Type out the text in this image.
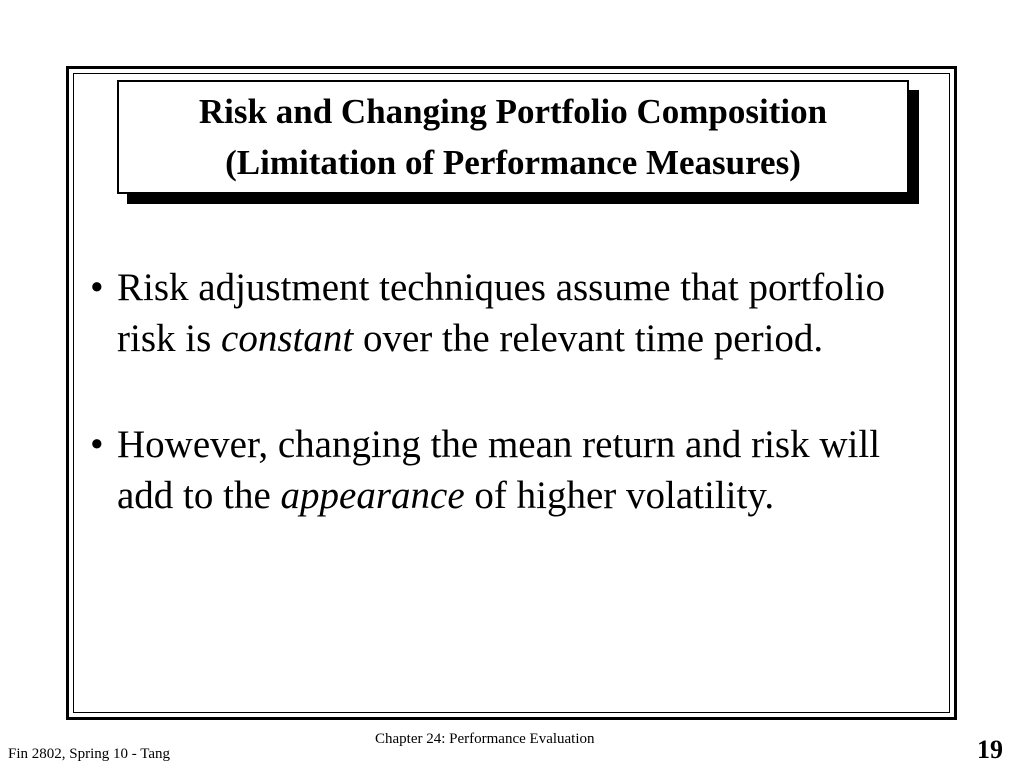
Risk and Changing Portfolio Composition
(Limitation of Performance Measures)
• Risk adjustment techniques assume that portfolio risk is constant over the relevant time period.
• However, changing the mean return and risk will add to the appearance of higher volatility.
Fin 2802, Spring 10 - Tang
Chapter 24: Performance Evaluation	19
